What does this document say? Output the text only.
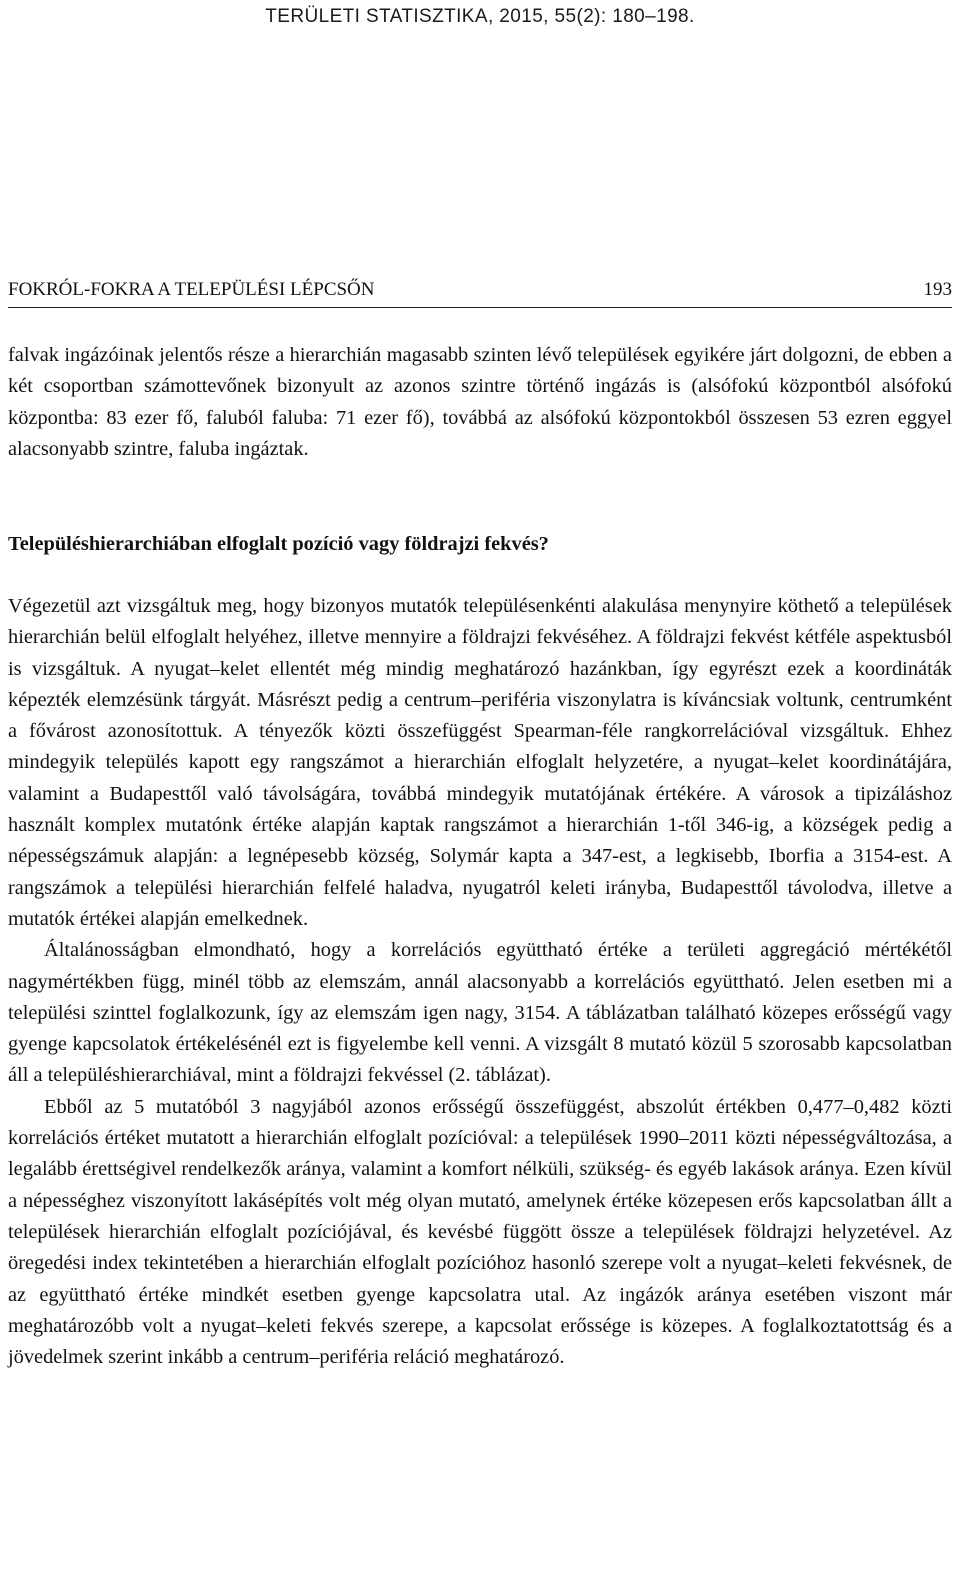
TERÜLETI STATISZTIKA, 2015, 55(2): 180–198.
FOKRÓL-FOKRA A TELEPÜLÉSI LÉPCSŐN	193

falvak ingázóinak jelentős része a hierarchián magasabb szinten lévő települések egyikére járt dolgozni, de ebben a két csoportban számottevőnek bizonyult az azonos szintre történő ingázás is (alsófokú központból alsófokú központba: 83 ezer fő, faluból faluba: 71 ezer fő), továbbá az alsófokú központokból összesen 53 ezren eggyel alacsonyabb szintre, faluba ingáztak.

Településhierarchiában elfoglalt pozíció vagy földrajzi fekvés?

Végezetül azt vizsgáltuk meg, hogy bizonyos mutatók településenkénti alakulása menynyire köthető a települések hierarchián belül elfoglalt helyéhez, illetve mennyire a földrajzi fekvéséhez. A földrajzi fekvést kétféle aspektusból is vizsgáltuk. A nyugat–kelet ellentét még mindig meghatározó hazánkban, így egyrészt ezek a koordináták képezték elemzésünk tárgyát. Másrészt pedig a centrum–periféria viszonylatra is kíváncsiak voltunk, centrumként a fővárost azonosítottuk. A tényezők közti összefüggést Spearman-féle rangkorrelációval vizsgáltuk. Ehhez mindegyik település kapott egy rangszámot a hierarchián elfoglalt helyzetére, a nyugat–kelet koordinátájára, valamint a Budapesttől való távolságára, továbbá mindegyik mutatójának értékére. A városok a tipizáláshoz használt komplex mutatónk értéke alapján kaptak rangszámot a hierarchián 1-től 346-ig, a községek pedig a népességszámuk alapján: a legnépesebb község, Solymár kapta a 347-est, a legkisebb, Iborfia a 3154-est. A rangszámok a települési hierarchián felfelé haladva, nyugatról keleti irányba, Budapesttől távolodva, illetve a mutatók értékei alapján emelkednek.

Általánosságban elmondható, hogy a korrelációs együttható értéke a területi aggregáció mértékétől nagymértékben függ, minél több az elemszám, annál alacsonyabb a korrelációs együttható. Jelen esetben mi a települési szinttel foglalkozunk, így az elemszám igen nagy, 3154. A táblázatban található közepes erősségű vagy gyenge kapcsolatok értékelésénél ezt is figyelembe kell venni. A vizsgált 8 mutató közül 5 szorosabb kapcsolatban áll a településhierarchiával, mint a földrajzi fekvéssel (2. táblázat).

Ebből az 5 mutatóból 3 nagyjából azonos erősségű összefüggést, abszolút értékben 0,477–0,482 közti korrelációs értéket mutatott a hierarchián elfoglalt pozícióval: a települések 1990–2011 közti népességváltozása, a legalább érettségivel rendelkezők aránya, valamint a komfort nélküli, szükség- és egyéb lakások aránya. Ezen kívül a népességhez viszonyított lakásépítés volt még olyan mutató, amelynek értéke közepesen erős kapcsolatban állt a települések hierarchián elfoglalt pozíciójával, és kevésbé függött össze a települések földrajzi helyzetével. Az öregedési index tekintetében a hierarchián elfoglalt pozícióhoz hasonló szerepe volt a nyugat–keleti fekvésnek, de az együttható értéke mindkét esetben gyenge kapcsolatra utal. Az ingázók aránya esetében viszont már meghatározóbb volt a nyugat–keleti fekvés szerepe, a kapcsolat erőssége is közepes. A foglalkoztatottság és a jövedelmek szerint inkább a centrum–periféria reláció meghatározó.
